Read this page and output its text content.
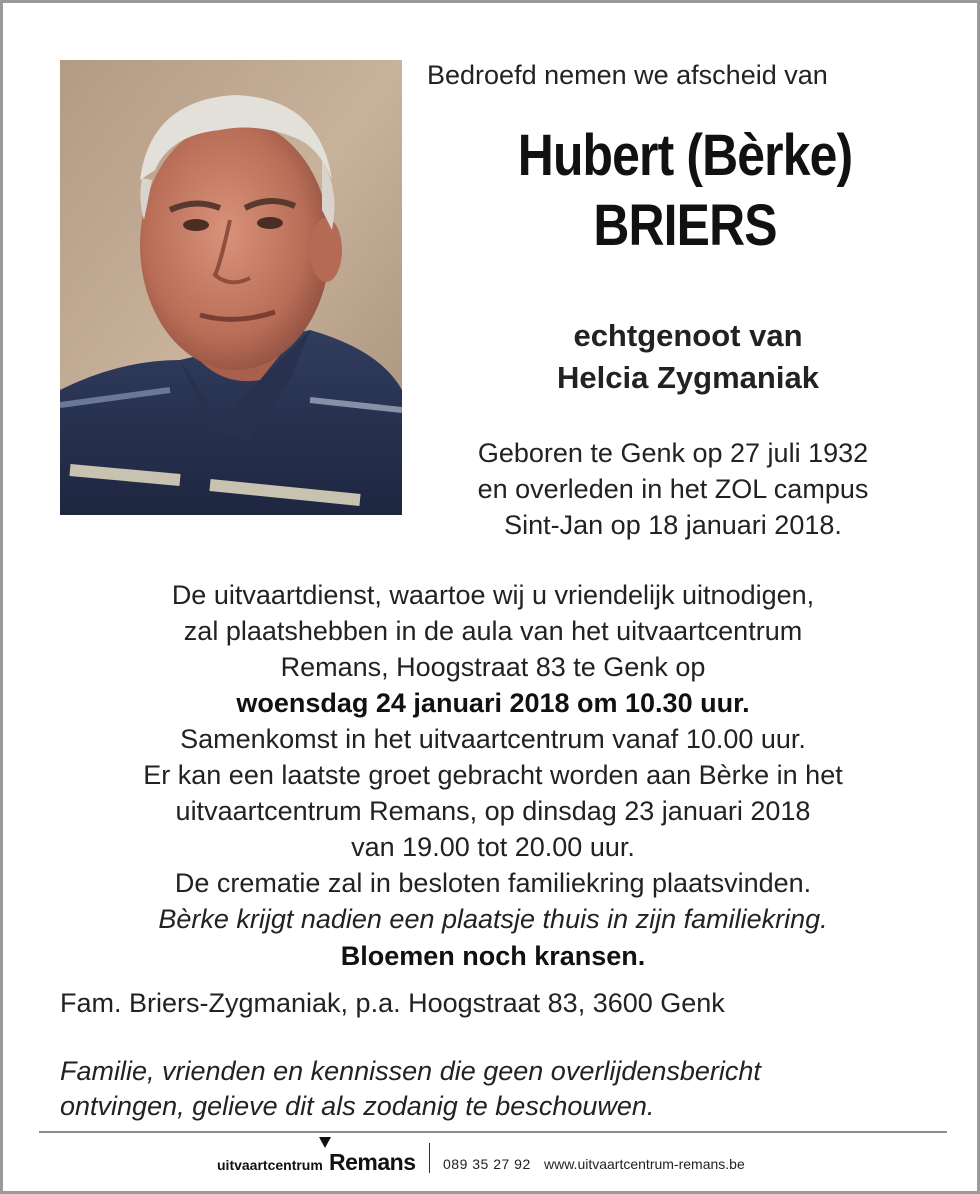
Bedroefd nemen we afscheid van
Hubert (Bèrke)
BRIERS
echtgenoot van
Helcia Zygmaniak
Geboren te Genk op 27 juli 1932
en overleden in het ZOL campus
Sint-Jan op 18 januari 2018.
De uitvaartdienst, waartoe wij u vriendelijk uitnodigen,
zal plaatshebben in de aula van het uitvaartcentrum
Remans, Hoogstraat 83 te Genk op
woensdag 24 januari 2018 om 10.30 uur.
Samenkomst in het uitvaartcentrum vanaf 10.00 uur.
Er kan een laatste groet gebracht worden aan Bèrke in het
uitvaartcentrum Remans, op dinsdag 23 januari 2018
van 19.00 tot 20.00 uur.
De crematie zal in besloten familiekring plaatsvinden.
Bèrke krijgt nadien een plaatsje thuis in zijn familiekring.
Bloemen noch kransen.
Fam. Briers-Zygmaniak, p.a. Hoogstraat 83, 3600 Genk
Familie, vrienden en kennissen die geen overlijdensbericht
ontvingen, gelieve dit als zodanig te beschouwen.
uitvaartcentrum Remans 089 35 27 92 www.uitvaartcentrum-remans.be
